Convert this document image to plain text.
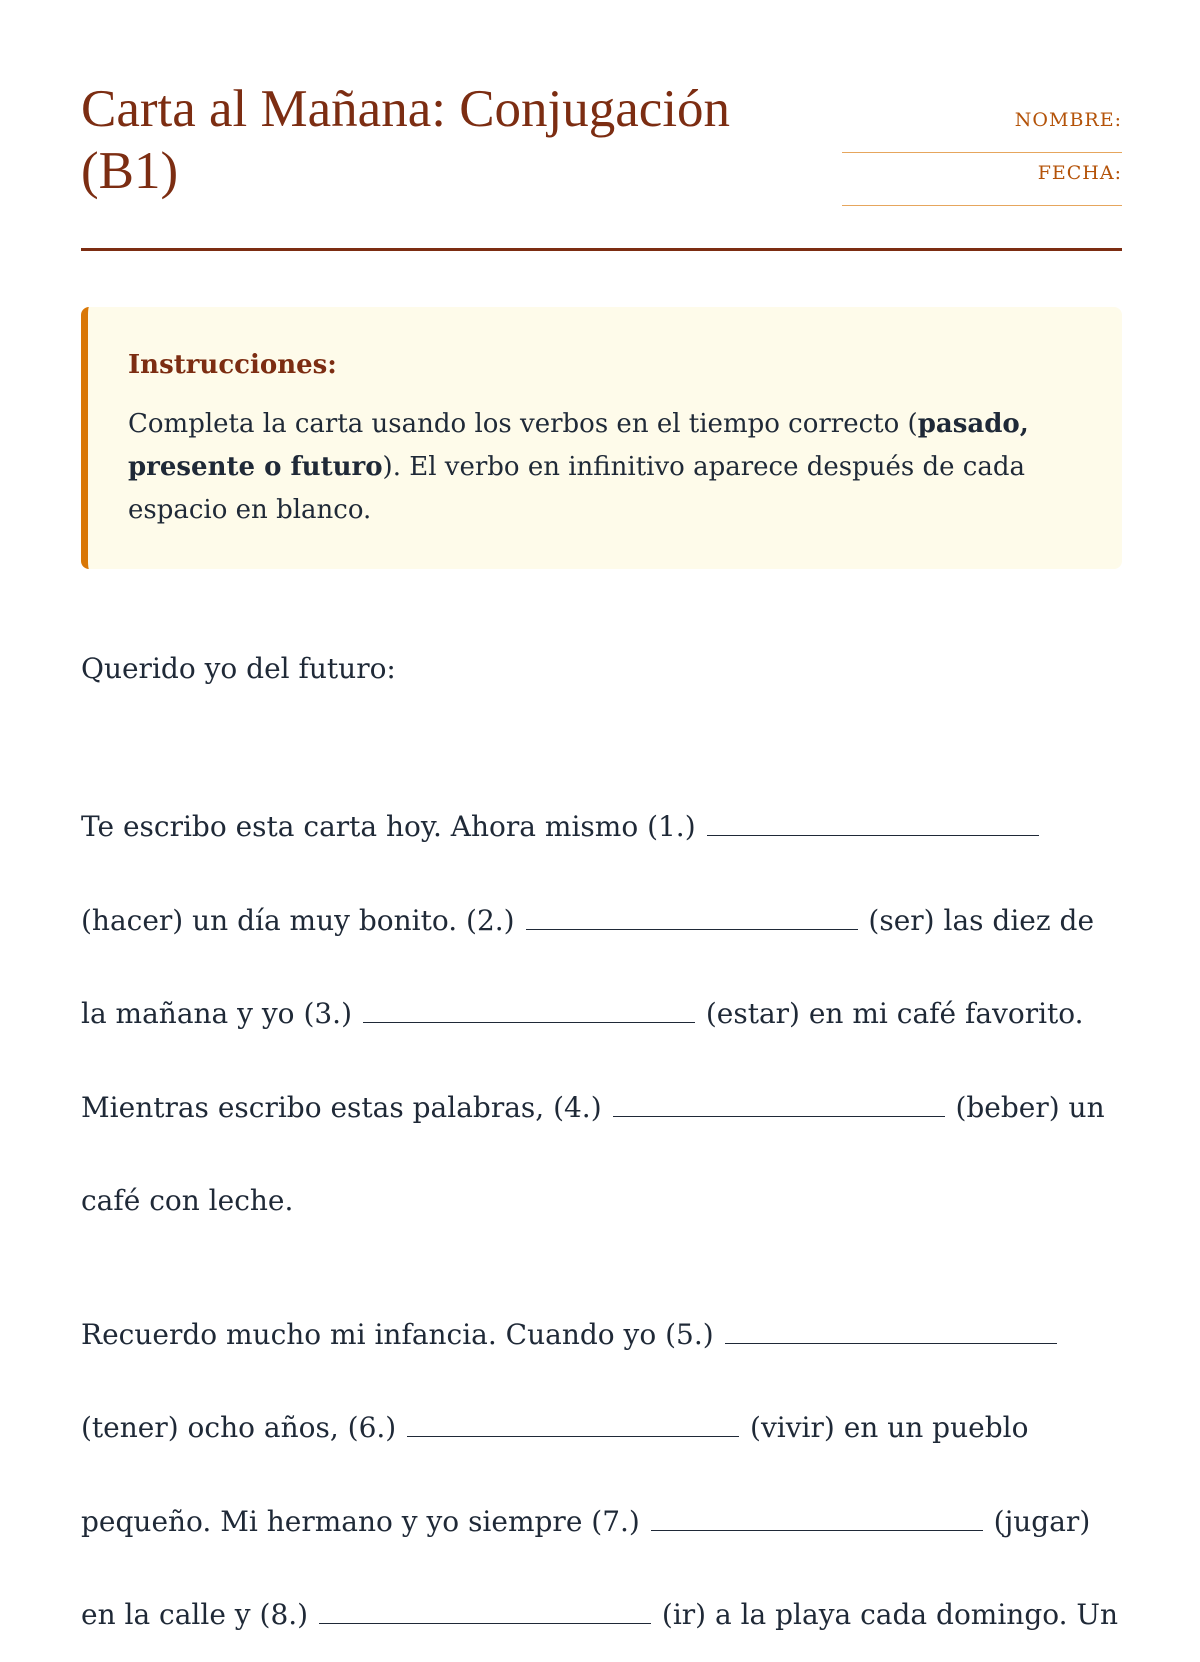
Carta al Mañana: Conjugación (B1)
NOMBRE:
FECHA:
Instrucciones:

Completa la carta usando los verbos en el tiempo correcto (pasado, presente o futuro). El verbo en infinitivo aparece después de cada espacio en blanco.

Querido yo del futuro:

Te escribo esta carta hoy. Ahora mismo (1.)
(hacer) un día muy bonito. (2.)	(ser) las diez de la mañana y yo (3.)	(estar) en mi café favorito. Mientras escribo estas palabras, (4.)	(beber) un café con leche.

Recuerdo mucho mi infancia. Cuando yo (5.)
(tener) ocho años, (6.)	(vivir) en un pueblo pequeño. Mi hermano y yo siempre (7.)	(jugar) en la calle y (8.)	(ir) a la playa cada domingo. Un
